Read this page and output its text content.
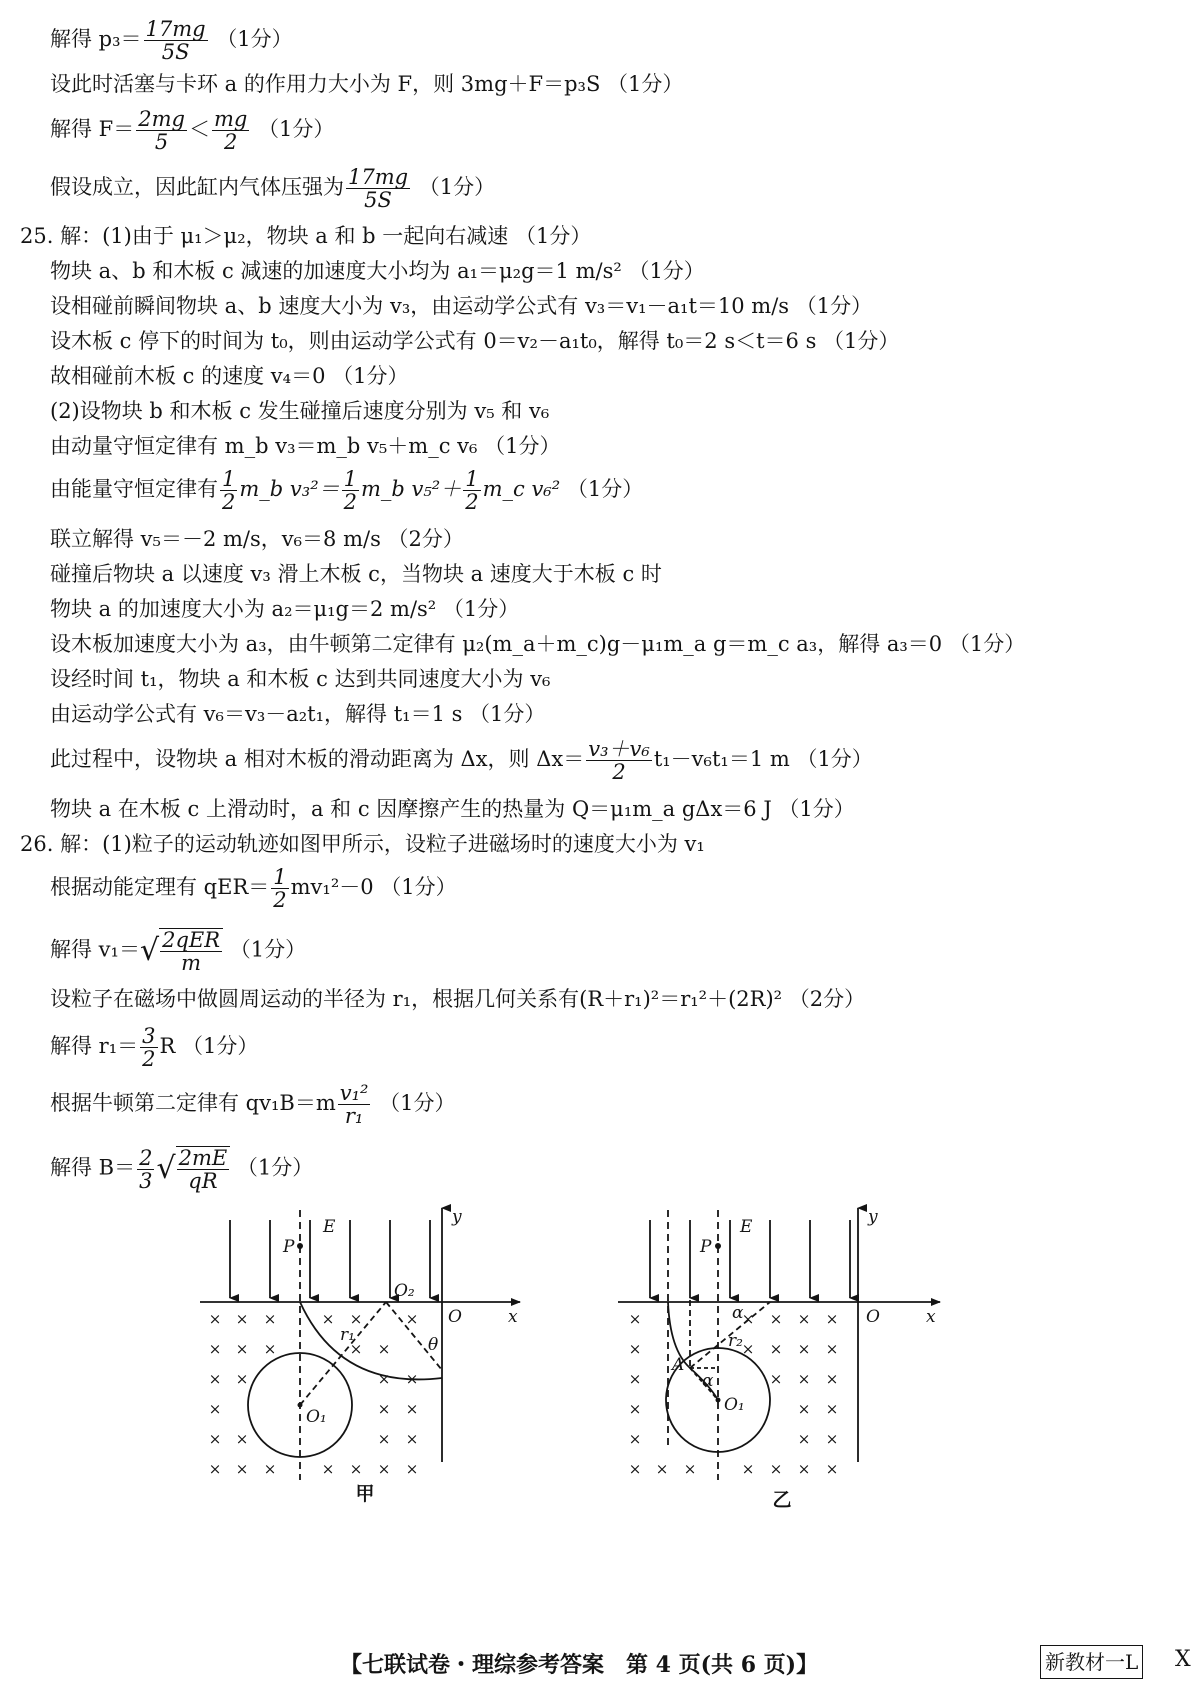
解得 $p_3= \frac{17mg}{5S} (1$分）
设此时活塞与卡环 a 的作用力大小为 F，则 3mg＋F＝p₃S （1分）
解得 $F= \frac{2mg}{5} < \frac{mg}{2} (1$分）
假设成立，因此缸内气体压强为 $\frac{17mg}{5S} (1$分）
25. 解：(1)由于 μ₁＞μ₂，物块 a 和 b 一起向右减速 （1分）
物块 a、b 和木板 c 减速的加速度大小均为 a₁＝μ₂g＝1 m/s² （1分）
设相碰前瞬间物块 a、b 速度大小为 v₃，由运动学公式有 v₃＝v₁－a₁t＝10 m/s （1分）
设木板 c 停下的时间为 t₀，则由运动学公式有 0＝v₂－a₁t₀，解得 t₀＝2 s＜t＝6 s （1分）
故相碰前木板 c 的速度 v₄＝0 （1分）
(2)设物块 b 和木板 c 发生碰撞后速度分别为 v₅ 和 v₆
由动量守恒定律有 m_b v₃＝m_b v₅＋m_c v₆ （1分）
由能量守恒定律有 $\frac{1}{2}$ m_b $v_3^2= \frac{1}{2}$ m_b $v_5^2+ \frac{1}{2}$ m_c v₆² （1分）
联立解得 v₅＝－2 m/s，v₆＝8 m/s （2分）
碰撞后物块 a 以速度 v₃ 滑上木板 c，当物块 a 速度大于木板 c 时
物块 a 的加速度大小为 a₂＝μ₁g＝2 m/s² （1分）
设木板加速度大小为 a₃，由牛顿第二定律有 μ₂(m_a＋m_c)g－μ₁m_a g＝m_c a₃，解得 a₃＝0 （1分）
设经时间 t₁，物块 a 和木板 c 达到共同速度大小为 v₆
由运动学公式有 v₆＝v₃－a₂t₁，解得 t₁＝1 s （1分）
此过程中，设物块 a 相对木板的滑动距离为 Δx，则 $\Delta x= \frac{\text{v₃＋v₆}}{2} t_1-v_6t_1=1$ m （1分）
物块 a 在木板 c 上滑动时，a 和 c 因摩擦产生的热量为 Q＝μ₁m_a gΔx＝6 J （1分）
26. 解：(1)粒子的运动轨迹如图甲所示，设粒子进磁场时的速度大小为 v₁
根据动能定理有 $qER= \frac{1}{2} mv_1^2-0$ （1分）
解得 $v_1=√ \frac{\text{2qER}}{m} (1$分）
设粒子在磁场中做圆周运动的半径为 r₁，根据几何关系有(R＋r₁)²＝r₁²＋(2R)² （2分）
解得 $r_1= \frac{3}{2}$ R （1分）
根据牛顿第二定律有 $qv_1B=m \frac{\text{v₁²}}{\text{r₁}} (1$分）
解得 $B= \frac{2}{3}$ √ $\frac{2mE}{qR} (1$分）
× × ×	× ×	×
× × ×	× ×
× ×	× ×
×	× ×
× ×	× ×
× × ×	× × × ×
P
E	y
x
O
O₁
O₂
r₁	θ
甲
×	× × × ×
×	× × × ×
×	× × ×
×	× ×
×	× ×
× × ×	× × × ×
P
E	y
x
O
O₁
A
r₂
α
α
乙
【七联试卷・理综参考答案　第 4 页(共 6 页)】	新教材一L X
